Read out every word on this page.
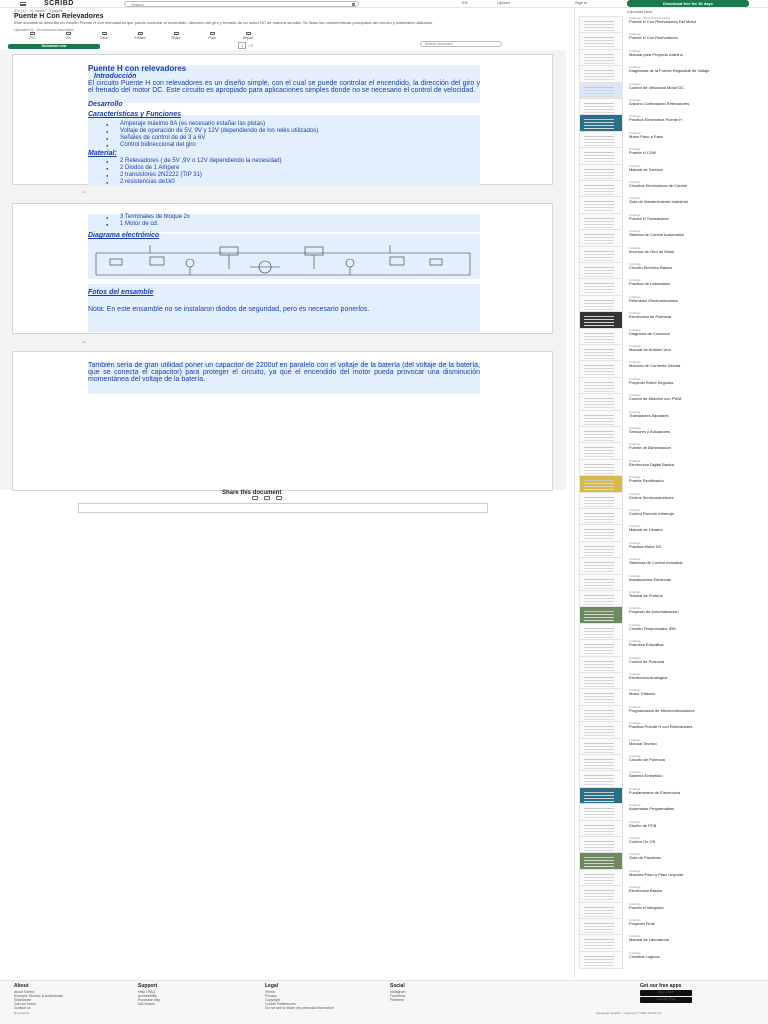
SCRIBD
Search	EN	Upload	Sign in	Download free for 30 days
0% (1) · 24 views · 3 pages
Puente H Con Relevadores
Este documento describe un circuito Puente H con relevadores que puede controlar el encendido, dirección del giro y frenado de un motor DC de manera sencilla. Se listan las características principales del circuito y materiales utilizados.
Uploaded by · AI-enhanced description
0%	0%	Save	Embed	Share	Print	Report
1 / 3	Search document
Download now
Puente H con relevadores
Introducción
El circuito Puente H con relevadores es un diseño simple, con el cual se puede controlar el encendido, la dirección del giro y el frenado del motor DC. Este circuito es apropiado para aplicaciones simples donde no se necesario el control de velocidad.
Desarrollo
Características y Funciones
● Amperaje máximo 8A (es necesario estañar las pistas)
● Voltaje de operación de 5V, 9V y 12V (dependiendo de los relés utilizados)
● Señales de control de de 3 a 6V
● Control bidireccional del giro
Material:
● 2 Relevadores ( de 5V ,9V o 12V dependiendo la necesidad)
● 2 Diodos de 1 Ampere
● 2 transistores 2N2222 (TIP 31)
● 2 resistencias de1k0
Ad
● 3 Terminales de bloque 2x
● 1 Motor de cd.
Diagrama electrónico
Fotos del ensamble
Nota: En este ensamble no se instalaron diodos de seguridad, pero es necesario ponerlos.
Ad
También sería de gran utilidad poner un capacitor de 2200uf en paralelo con el voltaje de la batería (del voltaje de la batería, que se conecta el capacitor) para proteger el circuito, ya que el encendido del motor pueda provocar una disminución momentánea del voltaje de la batería.
Share this document
Carousel Next
0 ratings · 0% found this useful
Puente H Con Relevadores Del Motor
0 ratings
Puente H Con Relevadores
0 ratings
Manual para Proyecto Arduino
0 ratings
Diagramas de la Fuente Regulable de Voltaje
0 ratings
Control de Velocidad Motor DC
0 ratings
Arduino Controlando Relevadores
0 ratings
Practica Electronica Puente H
0 ratings
Motor Paso a Paso
0 ratings
Puente H L298
0 ratings
Manual de Servicio
0 ratings
Circuitos Electronicos de Control
0 ratings
Guia de Mantenimiento Industrial
0 ratings
Puente H Transistores
0 ratings
Sistema de Control Automatico
0 ratings
Inversor de Giro de Motor
0 ratings
Circuito Electrico Basico
0 ratings
Practica de Laboratorio
0 ratings
Relevador Electromecanico
0 ratings
Electronica de Potencia
0 ratings
Diagrama de Conexion
0 ratings
Manual de Arduino Uno
0 ratings
Motores de Corriente Directa
0 ratings
Proyecto Robot Seguidor
0 ratings
Control de Motores con PWM
0 ratings
Transistores Bipolares
0 ratings
Sensores y Actuadores
0 ratings
Fuente de Alimentacion
0 ratings
Electronica Digital Basica
0 ratings
Puente Rectificador
0 ratings
Diodos Semiconductores
0 ratings
Control Remoto Infrarrojo
0 ratings
Manual de Usuario
0 ratings
Practica Motor DC
0 ratings
Sistemas de Control Industrial
0 ratings
Instalaciones Electricas
0 ratings
Tutorial de Proteus
0 ratings
Proyecto de Automatizacion
0 ratings
Circuito Temporizador 555
0 ratings
Robotica Educativa
0 ratings
Control de Potencia
0 ratings
Electronica Analogica
0 ratings
Motor Trifasico
0 ratings
Programacion de Microcontroladores
0 ratings
Practica Puente H con Relevadores
0 ratings
Manual Tecnico
0 ratings
Circuito de Potencia
0 ratings
Sistema Embebido
0 ratings
Fundamentos de Electronica
0 ratings
Automatas Programables
0 ratings
Diseño de PCB
0 ratings
Control On Off
0 ratings
Guia de Practicas
0 ratings
Motores Paso a Paso Unipolar
0 ratings
Electronica Basica
0 ratings
Puente H Integrado
0 ratings
Proyecto Final
0 ratings
Manual de Laboratorio
0 ratings
Circuitos Logicos
About
About Scribd
Everand: Ebooks & Audiobooks
SlideShare
Join our team!
Contact us
Support
Help / FAQ
Accessibility
Purchase help
AdChoices
Legal
Terms
Privacy
Copyright
Cookie Preferences
Do not sell or share my personal information
Social
Instagram
Facebook
Pinterest
Get our free apps
App Store
Google Play
Documents	Language: English · Copyright © 2024 Scribd Inc.
